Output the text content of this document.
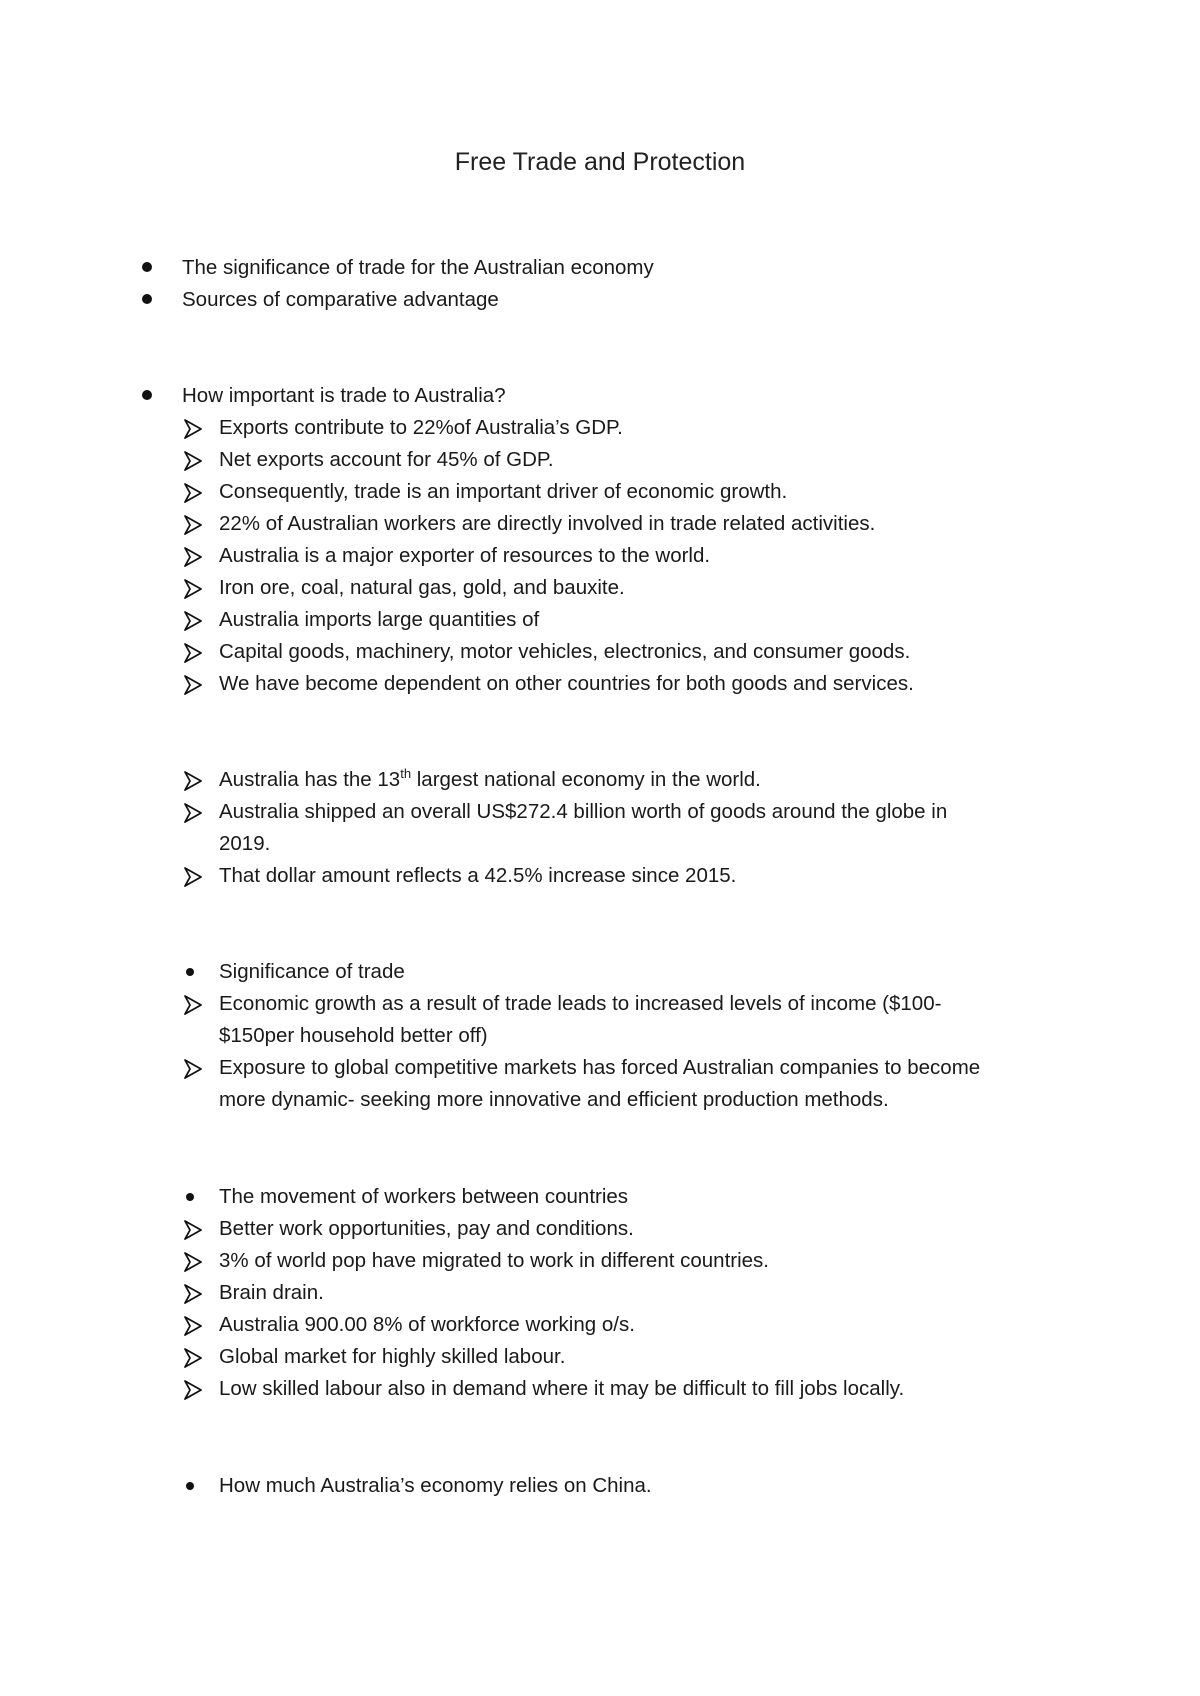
Free Trade and Protection
The significance of trade for the Australian economy
Sources of comparative advantage
How important is trade to Australia?
Exports contribute to 22%of Australia’s GDP.
Net exports account for 45% of GDP.
Consequently, trade is an important driver of economic growth.
22% of Australian workers are directly involved in trade related activities.
Australia is a major exporter of resources to the world.
Iron ore, coal, natural gas, gold, and bauxite.
Australia imports large quantities of
Capital goods, machinery, motor vehicles, electronics, and consumer goods.
We have become dependent on other countries for both goods and services.
Australia has the 13th largest national economy in the world.
Australia shipped an overall US$272.4 billion worth of goods around the globe in
2019.
That dollar amount reflects a 42.5% increase since 2015.
Significance of trade
Economic growth as a result of trade leads to increased levels of income ($100-
$150per household better off)
Exposure to global competitive markets has forced Australian companies to become
more dynamic- seeking more innovative and efficient production methods.
The movement of workers between countries
Better work opportunities, pay and conditions.
3% of world pop have migrated to work in different countries.
Brain drain.
Australia 900.00 8% of workforce working o/s.
Global market for highly skilled labour.
Low skilled labour also in demand where it may be difficult to fill jobs locally.
How much Australia’s economy relies on China.
